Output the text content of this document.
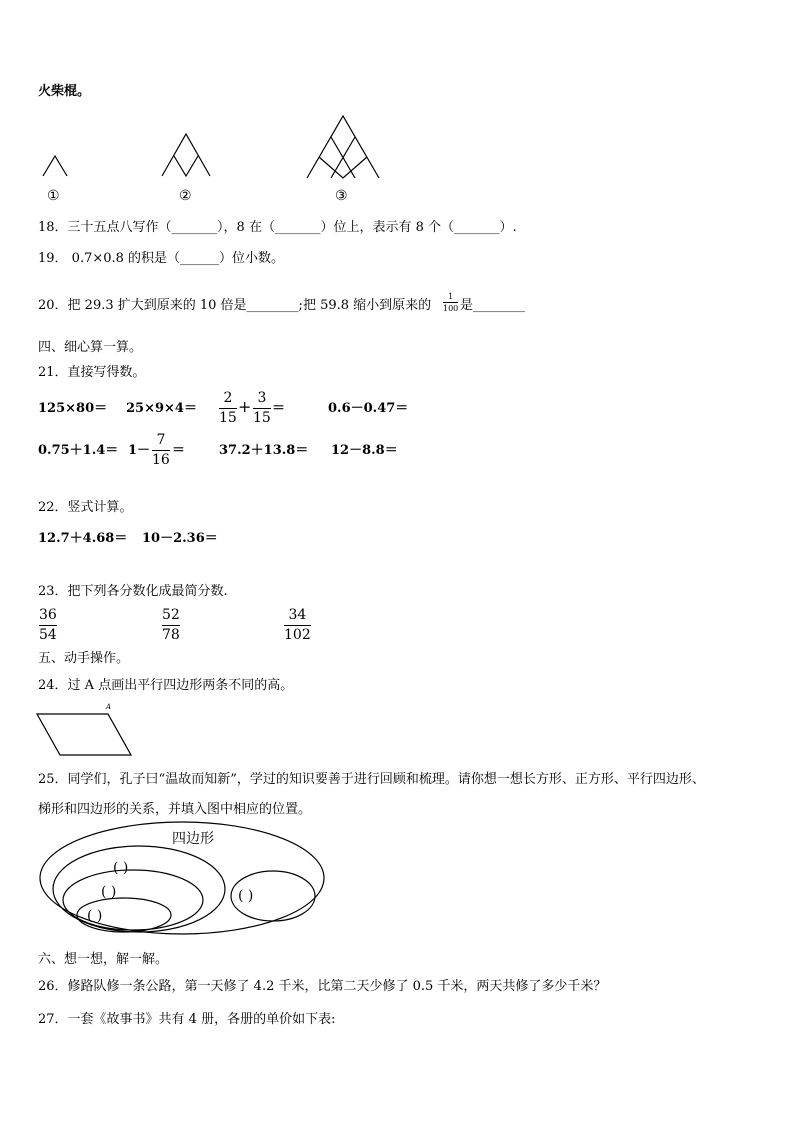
火柴棍。
①	②	③
18．三十五点八写作（_______），8 在（_______）位上，表示有 8 个（_______）.
19． 0.7×0.8 的积是（______）位小数。
20．把 29.3 扩大到原来的 10 倍是________;把 59.8 缩小到原来的
1
100 是________
四、细心算一算。
21．直接写得数。
125×80＝ 25×9×4＝
2
15
+ 3
15
＝	0.6－0.47＝
0.75＋1.4＝ 1－
7
16
＝	37.2＋13.8＝ 12－8.8＝
22．竖式计算。
12.7＋4.68＝ 10－2.36＝
23．把下列各分数化成最简分数.
36
54
52
78
34
102
五、动手操作。
24．过 A 点画出平行四边形两条不同的高。
A
25．同学们，孔子曰“温故而知新”，学过的知识要善于进行回顾和梳理。请你想一想长方形、正方形、平行四边形、
梯形和四边形的关系，并填入图中相应的位置。
四边形
( )
( )
( )
( )
六、想一想，解一解。
26．修路队修一条公路，第一天修了 4.2 千米，比第二天少修了 0.5 千米，两天共修了多少千米？
27．一套《故事书》共有 4 册，各册的单价如下表:
